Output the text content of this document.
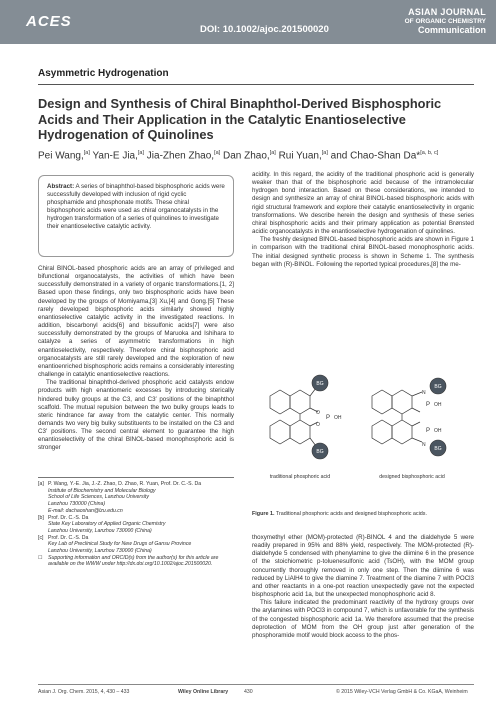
ACES	DOI: 10.1002/ajoc.201500020
ASIAN JOURNAL
OF ORGANIC CHEMISTRY
Communication
Asymmetric Hydrogenation
Design and Synthesis of Chiral Binaphthol-Derived Bisphosphoric Acids and Their Application in the Catalytic Enantioselective Hydrogenation of Quinolines
Pei Wang,[a] Yan-E Jia,[a] Jia-Zhen Zhao,[a] Dan Zhao,[a] Rui Yuan,[a] and Chao-Shan Da*[a, b, c]
Abstract: A series of binaphthol-based bisphosphoric acids were successfully developed with inclusion of rigid cyclic phosphamide and phosphonate motifs. These chiral bisphosphoric acids were used as chiral organocatalysts in the hydrogen transformation of a series of quinolines to investigate their enantioselective catalytic activity.

Chiral BINOL-based phosphoric acids are an array of privileged and bifunctional organocatalysts, the activities of which have been successfully demonstrated in a variety of organic transformations.[1, 2] Based upon these findings, only two bisphosphoric acids have been developed by the groups of Momiyama,[3] Xu,[4] and Gong.[5] These rarely developed bisphosphoric acids similarly showed highly enantioselective catalytic activity in the investigated reactions. In addition, biscarbonyl acids[6] and bissulfonic acids[7] were also successfully demonstrated by the groups of Maruoka and Ishihara to catalyze a series of asymmetric transformations in high enantioselectivity, respectively. Therefore chiral bisphosphoric acid organocatalysts are still rarely developed and the exploration of new enantioenriched bisphosphoric acids remains a considerably interesting challenge in catalytic enantioselective reactions.

The traditional binaphthol-derived phosphoric acid catalysts endow products with high enantiomeric excesses by introducing sterically hindered bulky groups at the C3, and C3′ positions of the binaphthol scaffold. The mutual repulsion between the two bulky groups leads to steric hindrance far away from the catalytic center. This normally demands two very big bulky substituents to be installed on the C3 and C3′ positions. The second central element to guarantee the high enantioselectivity of the chiral BINOL-based monophosphoric acid is stronger

[a] P. Wang, Y.-E. Jia, J.-Z. Zhao, D. Zhao, R. Yuan, Prof. Dr. C.-S. Da
Institute of Biochemistry and Molecular Biology
School of Life Sciences, Lanzhou University
Lanzhou 730000 (China)
E-mail: dachaoshan@lzu.edu.cn
[b] Prof. Dr. C.-S. Da
State Key Laboratory of Applied Organic Chemistry
Lanzhou University, Lanzhou 730000 (China)
[c] Prof. Dr. C.-S. Da
Key Lab of Preclinical Study for New Drugs of Gansu Province
Lanzhou University, Lanzhou 730000 (China)
☐	Supporting information and ORCID(s) from the author(s) for this article are available on the WWW under http://dx.doi.org/10.1002/ajoc.201500020.

acidity. In this regard, the acidity of the traditional phosphoric acid is generally weaker than that of the bisphosphoric acid because of the intramolecular hydrogen bond interaction. Based on these considerations, we intended to design and synthesize an array of chiral BINOL-based bisphosphoric acids with rigid structural framework and explore their catalytic enantioselectivity in organic transformations. We describe herein the design and synthesis of these series chiral bisphosphoric acids and their primary application as potential Brønsted acidic organocatalysts in the enantioselective hydrogenation of quinolines.

The freshly designed BINOL-based bisphosphoric acids are shown in Figure 1 in comparison with the traditional chiral BINOL-based monophosphoric acids. The initial designed synthetic process is shown in Scheme 1. The synthesis began with (R)-BINOL. Following the reported typical procedures,[8] the me-

BG
BG
P OH
O
O
BG
BG
N
N
P
P
OH
OH
traditional phosphoric acid	designed bisphosphoric acid
Figure 1. Traditional phosphoric acids and designed bisphosphoric acids.

thoxymethyl ether (MOM)-protected (R)-BINOL 4 and the dialdehyde 5 were readily prepared in 95% and 88% yield, respectively. The MOM-protected (R)-dialdehyde 5 condensed with phenylamine to give the diimine 6 in the presence of the stoichiometric p-toluenesulfonic acid (TsOH), with the MOM group concurrently thoroughly removed in only one step. Then the diimine 6 was reduced by LiAlH4 to give the diamine 7. Treatment of the diamine 7 with POCl3 and other reactants in a one-pot reaction unexpectedly gave not the expected bisphosphoric acid 1a, but the unexpected monophosphoric acid 8.

This failure indicated the predominant reactivity of the hydroxy groups over the arylamines with POCl3 in compound 7, which is unfavorable for the synthesis of the congested bisphosphoric acid 1a. We therefore assumed that the precise deprotection of MOM from the OH group just after generation of the phosphoramide motif would block access to the phos-

Asian J. Org. Chem. 2015, 4, 430 – 433	Wiley Online Library	430	© 2015 Wiley-VCH Verlag GmbH & Co. KGaA, Weinheim
